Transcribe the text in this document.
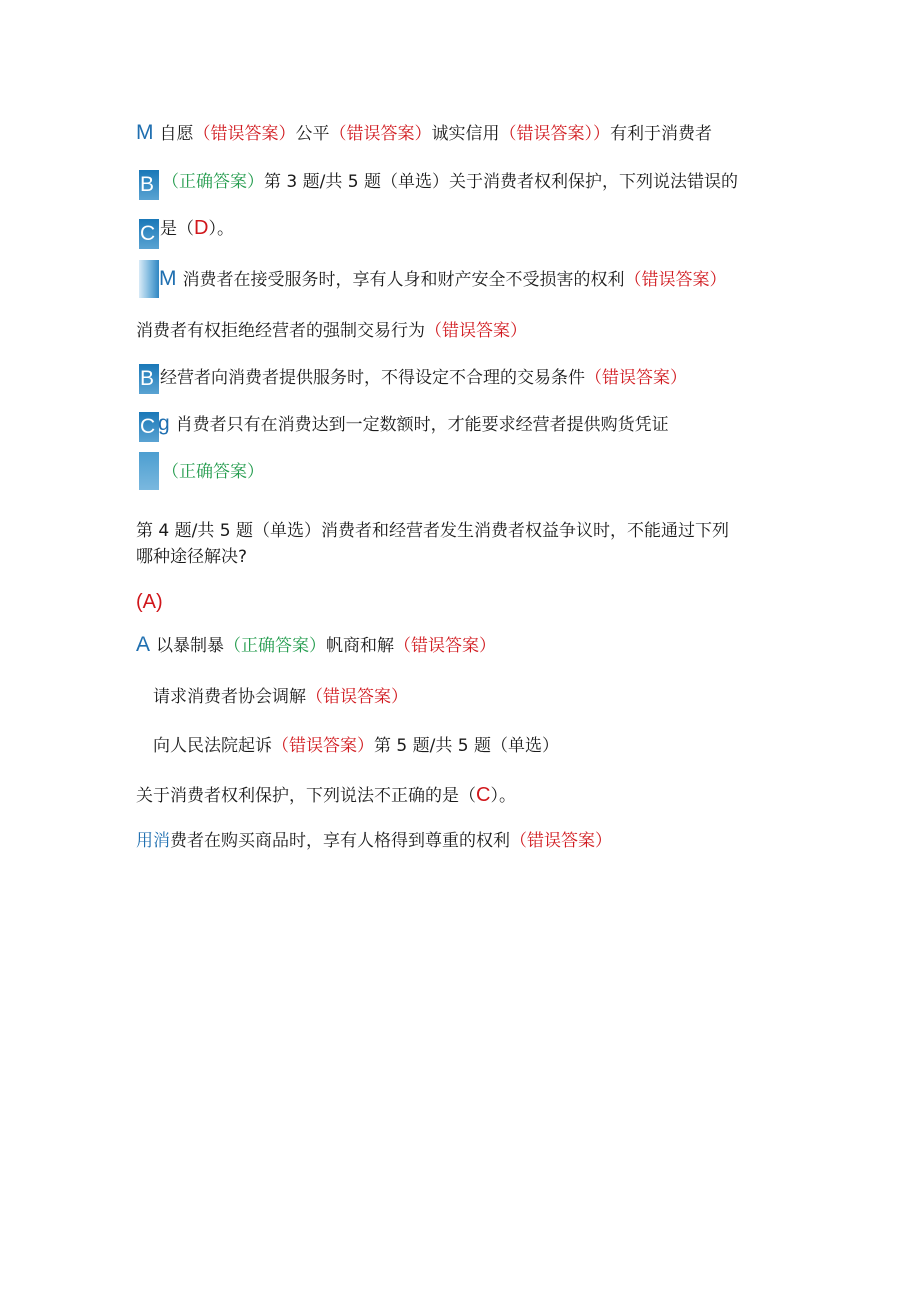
M 自愿（错误答案）公平（错误答案）诚实信用（错误答案））有利于消费者
B （正确答案）第 3 题/共 5 题（单选）关于消费者权利保护，下列说法错误的
C 是（D）。
M 消费者在接受服务时，享有人身和财产安全不受损害的权利（错误答案）
消费者有权拒绝经营者的强制交易行为（错误答案）
B 经营者向消费者提供服务时，不得设定不合理的交易条件（错误答案）
C g 肖费者只有在消费达到一定数额时，才能要求经营者提供购货凭证
（正确答案）
第 4 题/共 5 题（单选）消费者和经营者发生消费者权益争议时，不能通过下列
哪种途径解决?
(A)
A 以暴制暴（正确答案）帆商和解（错误答案）
请求消费者协会调解（错误答案）
向人民法院起诉（错误答案）第 5 题/共 5 题（单选）
关于消费者权利保护，下列说法不正确的是（C）。
用消费者在购买商品时，享有人格得到尊重的权利（错误答案）
